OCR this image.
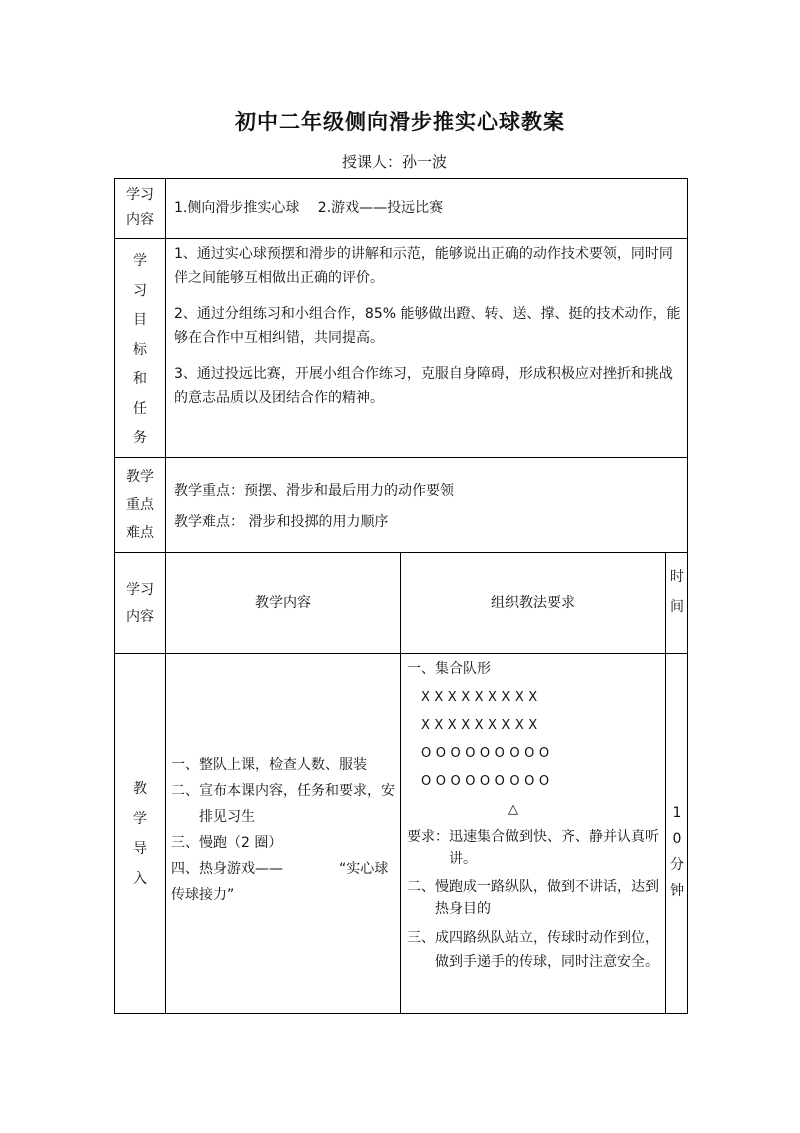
初中二年级侧向滑步推实心球教案
授课人：孙一波
学习
内容
1.侧向滑步推实心球　 2.游戏——投远比赛
学
习
目
标
和
任
务

1、通过实心球预摆和滑步的讲解和示范，能够说出正确的动作技术要领，同时同伴之间能够互相做出正确的评价。

2、通过分组练习和小组合作，85% 能够做出蹬、转、送、撑、挺的技术动作，能够在合作中互相纠错，共同提高。

3、通过投远比赛，开展小组合作练习，克服自身障碍，形成积极应对挫折和挑战的意志品质以及团结合作的精神。

教学
重点
难点
教学重点：预摆、滑步和最后用力的动作要领
教学难点： 滑步和投掷的用力顺序
学习
内容
教学内容	组织教法要求
时
间
教
学
导
入

一、整队上课，检查人数、服装

二、宣布本课内容，任务和要求，安排见习生

三、慢跑（2 圈）

四、热身游戏——　　　　“实心球传球接力”

一、集合队形

XXXXXXXXX
XXXXXXXXX
OOOOOOOOO
OOOOOOOOO
△

要求：迅速集合做到快、齐、静并认真听讲。

二、慢跑成一路纵队，做到不讲话，达到热身目的

三、成四路纵队站立，传球时动作到位，做到手递手的传球，同时注意安全。

1
0
分
钟
